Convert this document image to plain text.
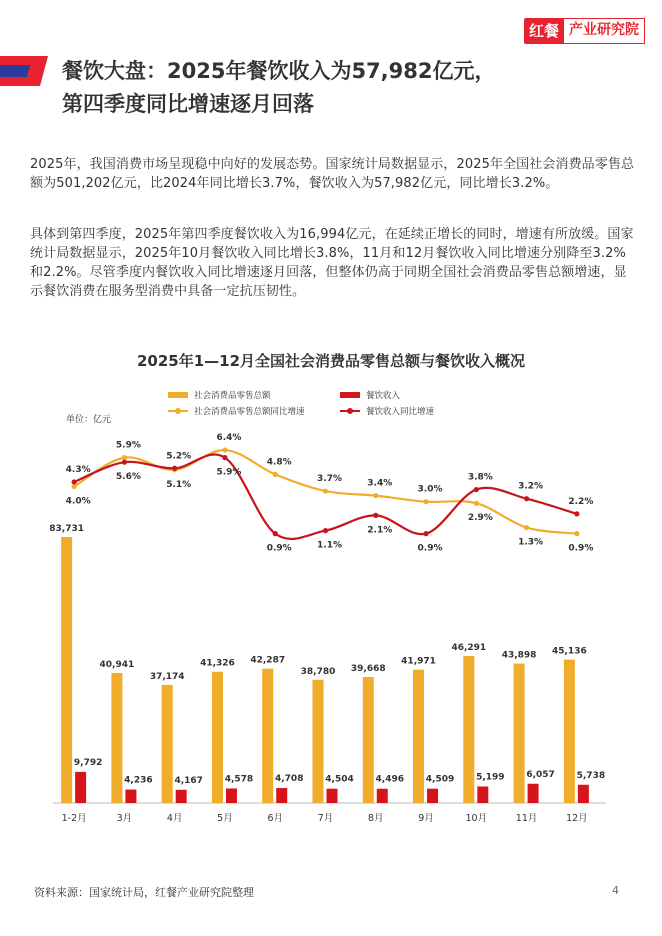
红餐 产业研究院
餐饮大盘：2025年餐饮收入为57,982亿元，
第四季度同比增速逐月回落

2025年，我国消费市场呈现稳中向好的发展态势。国家统计局数据显示，2025年全国社会消费品零售总额为501,202亿元，比2024年同比增长3.7%，餐饮收入为57,982亿元，同比增长3.2%。

具体到第四季度，2025年第四季度餐饮收入为16,994亿元，在延续正增长的同时，增速有所放缓。国家统计局数据显示，2025年10月餐饮收入同比增长3.8%，11月和12月餐饮收入同比增速分别降至3.2%和2.2%。尽管季度内餐饮收入同比增速逐月回落，但整体仍高于同期全国社会消费品零售总额增速，显示餐饮消费在服务型消费中具备一定抗压韧性。

2025年1—12月全国社会消费品零售总额与餐饮收入概况
社会消费品零售总额	餐饮收入
社会消费品零售总额同比增速	餐饮收入同比增速
单位：亿元
83,731
9,792
1-2月
40,941
4,236
3月
37,174
4,167
4月
41,326
4,578
5月
42,287
4,708
6月
38,780
4,504
7月
39,668
4,496
8月
41,971
4,509
9月
46,291
5,199
10月
43,898
6,057
11月
45,136
5,738
12月
4.0%
4.3%
5.9%
5.6%
5.1%
5.2%
6.4%
5.9%
4.8%
0.9%
3.7%
1.1%
3.4%
2.1%
3.0%
0.9%
2.9%
3.8%
1.3%
3.2%
0.9%
2.2%
资料来源：国家统计局，红餐产业研究院整理	4
